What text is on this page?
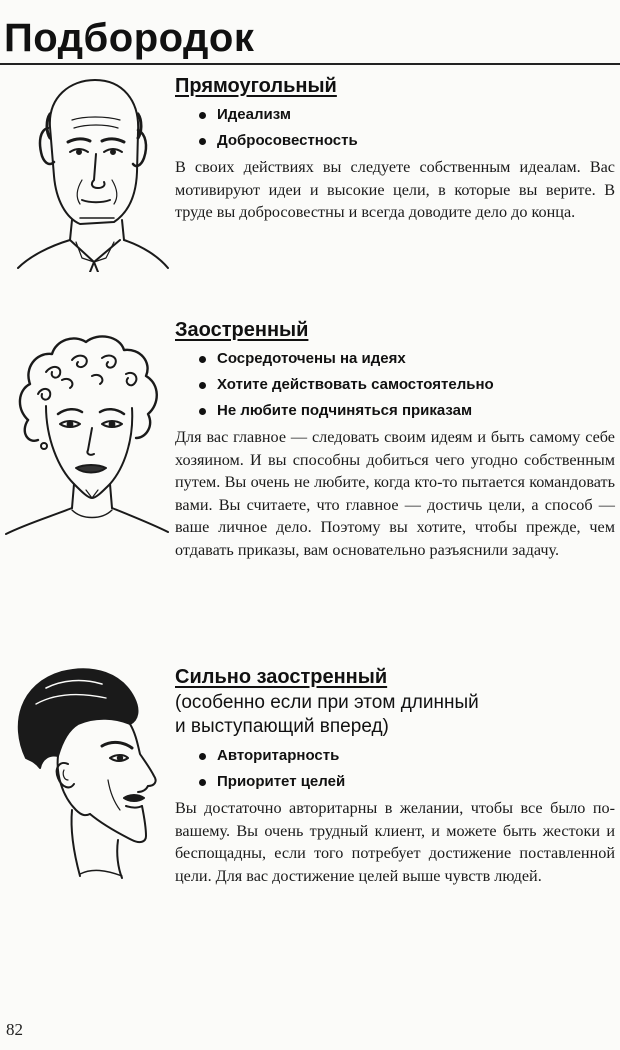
Подбородок
Прямоугольный
Идеализм
Добросовестность
В своих действиях вы следуете собственным идеалам. Вас мотивируют идеи и высокие цели, в которые вы верите. В труде вы добросовестны и всегда доводите дело до конца.
Заостренный
Сосредоточены на идеях
Хотите действовать самостоятельно
Не любите подчиняться приказам
Для вас главное — следовать своим идеям и быть самому себе хозяином. И вы способны добиться чего угодно собственным путем. Вы очень не любите, когда кто-то пытается командовать вами. Вы считаете, что главное — достичь цели, а способ — ваше личное дело. Поэтому вы хотите, чтобы прежде, чем отдавать приказы, вам основательно разъяснили задачу.
Сильно заостренный
(особенно если при этом длинный
и выступающий вперед)
Авторитарность
Приоритет целей
Вы достаточно авторитарны в желании, чтобы все было по-вашему. Вы очень трудный клиент, и можете быть жестоки и беспощадны, если того потребует достижение поставленной цели. Для вас достижение целей выше чувств людей.
82
